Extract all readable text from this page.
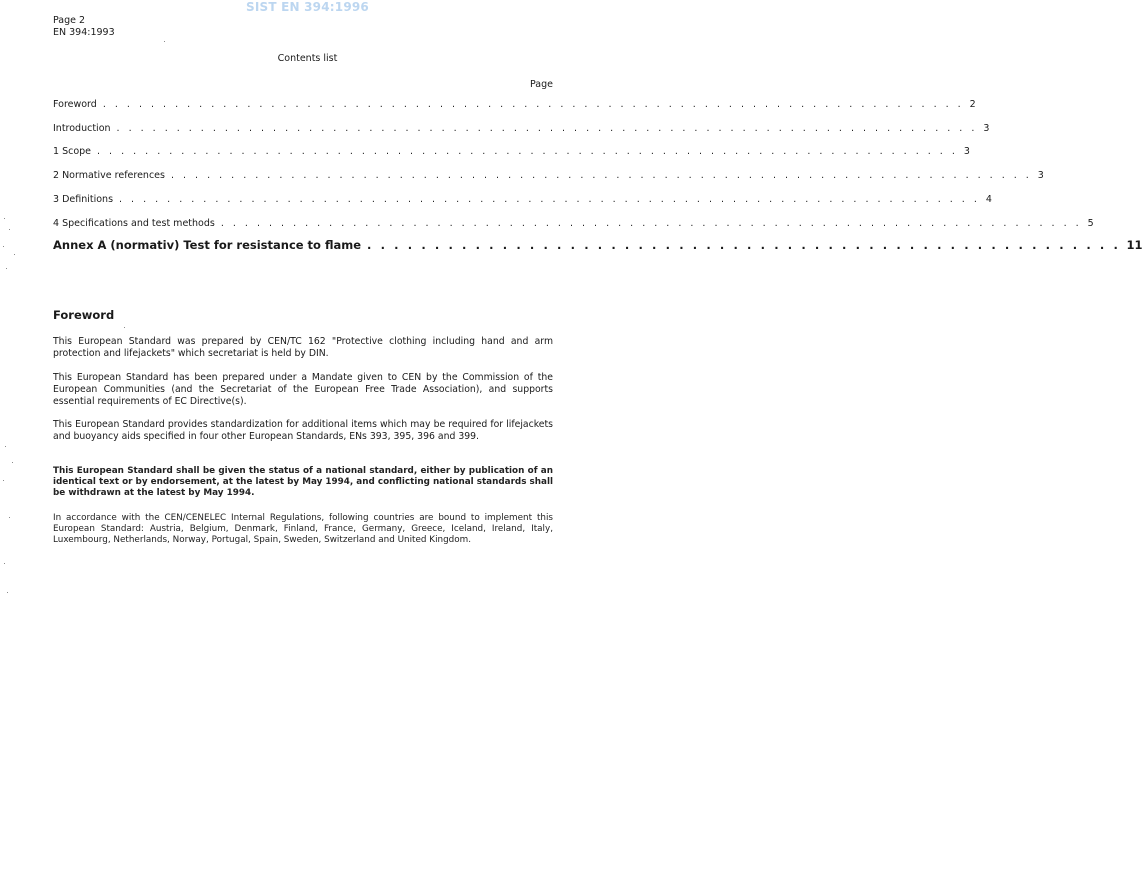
SIST EN 394:1996
Page 2
EN 394:1993
Contents list
Page
Foreword . . . . . . . . . . . . . . . . . . . . . . . . . . . . . . . . . . . . . . . . . . . . . . . . . . . . . . . . . . . . . . . . . . . . . . . . 2
Introduction . . . . . . . . . . . . . . . . . . . . . . . . . . . . . . . . . . . . . . . . . . . . . . . . . . . . . . . . . . . . . . . . . . . . . . . . 3
1 Scope . . . . . . . . . . . . . . . . . . . . . . . . . . . . . . . . . . . . . . . . . . . . . . . . . . . . . . . . . . . . . . . . . . . . . . . . 3
2 Normative references . . . . . . . . . . . . . . . . . . . . . . . . . . . . . . . . . . . . . . . . . . . . . . . . . . . . . . . . . . . . . . . . . . . . . . . . 3
3 Definitions . . . . . . . . . . . . . . . . . . . . . . . . . . . . . . . . . . . . . . . . . . . . . . . . . . . . . . . . . . . . . . . . . . . . . . . . 4
4 Specifications and test methods . . . . . . . . . . . . . . . . . . . . . . . . . . . . . . . . . . . . . . . . . . . . . . . . . . . . . . . . . . . . . . . . . . . . . . . . 5
Annex A (normativ) Test for resistance to flame . . . . . . . . . . . . . . . . . . . . . . . . . . . . . . . . . . . . . . . . . . . . . . . . . . . . . . . . 11
Foreword
This European Standard was prepared by CEN/TC 162 "Protective clothing including hand and arm protection and lifejackets" which secretariat is held by DIN.
This European Standard has been prepared under a Mandate given to CEN by the Commission of the European Communities (and the Secretariat of the European Free Trade Association), and supports essential requirements of EC Directive(s).
This European Standard provides standardization for additional items which may be required for lifejackets and buoyancy aids specified in four other European Standards, ENs 393, 395, 396 and 399.
This European Standard shall be given the status of a national standard, either by publication of an identical text or by endorsement, at the latest by May 1994, and conflicting national standards shall be withdrawn at the latest by May 1994.
In accordance with the CEN/CENELEC Internal Regulations, following countries are bound to implement this European Standard: Austria, Belgium, Denmark, Finland, France, Germany, Greece, Iceland, Ireland, Italy, Luxembourg, Netherlands, Norway, Portugal, Spain, Sweden, Switzerland and United Kingdom.
